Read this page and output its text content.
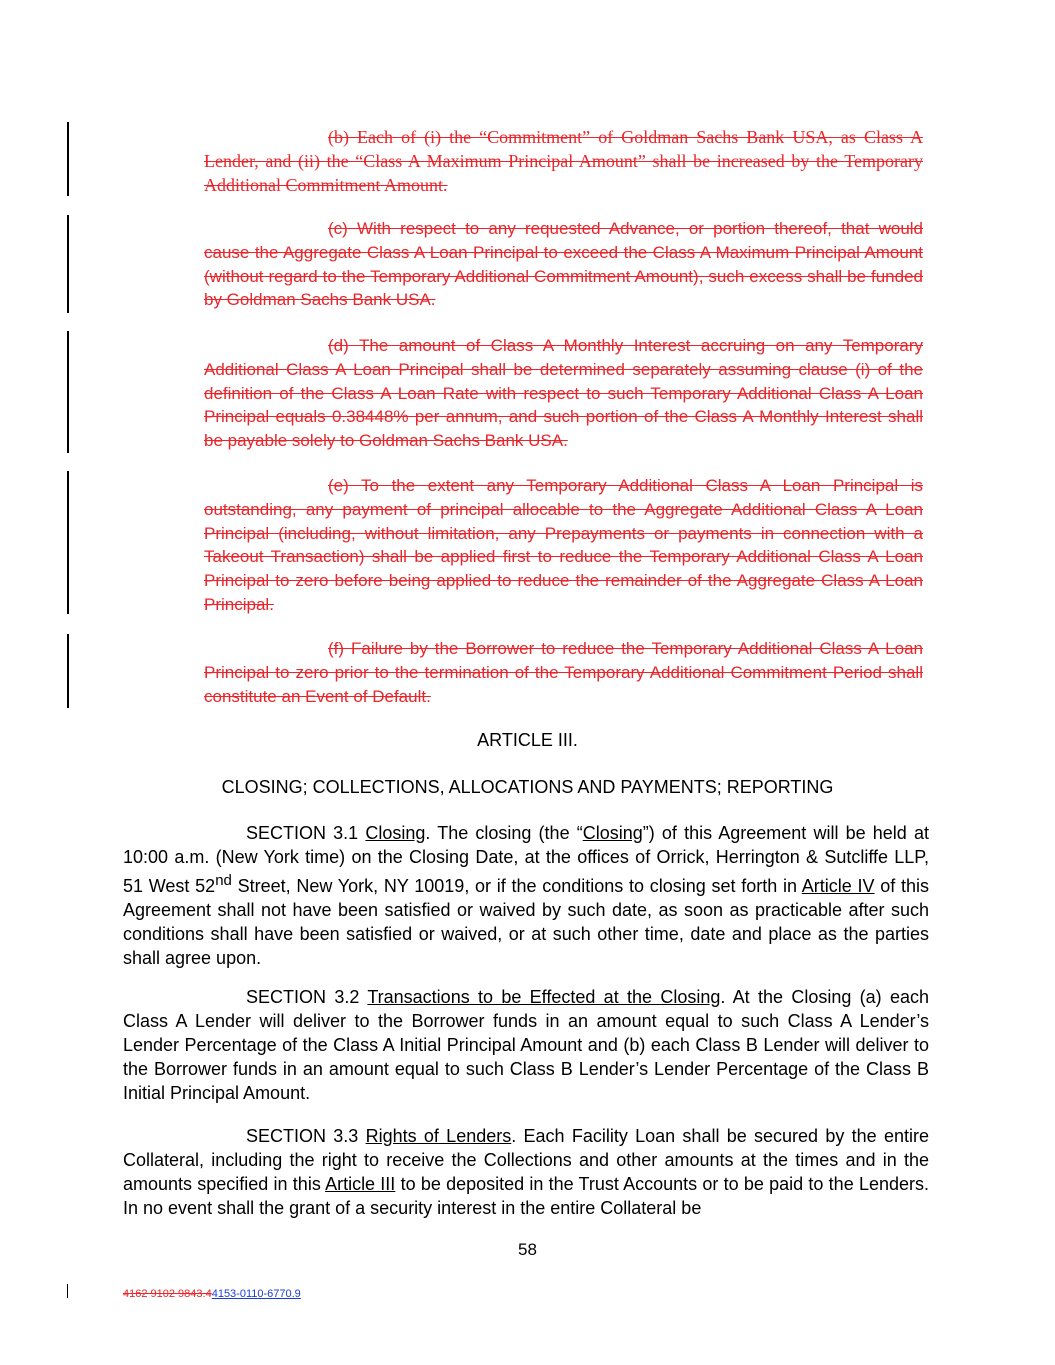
(b) Each of (i) the “Commitment” of Goldman Sachs Bank USA, as Class A Lender, and (ii) the “Class A Maximum Principal Amount” shall be increased by the Temporary Additional Commitment Amount.
(c) With respect to any requested Advance, or portion thereof, that would cause the Aggregate Class A Loan Principal to exceed the Class A Maximum Principal Amount (without regard to the Temporary Additional Commitment Amount), such excess shall be funded by Goldman Sachs Bank USA.
(d) The amount of Class A Monthly Interest accruing on any Temporary Additional Class A Loan Principal shall be determined separately assuming clause (i) of the definition of the Class A Loan Rate with respect to such Temporary Additional Class A Loan Principal equals 0.38448% per annum, and such portion of the Class A Monthly Interest shall be payable solely to Goldman Sachs Bank USA.
(e) To the extent any Temporary Additional Class A Loan Principal is outstanding, any payment of principal allocable to the Aggregate Additional Class A Loan Principal (including, without limitation, any Prepayments or payments in connection with a Takeout Transaction) shall be applied first to reduce the Temporary Additional Class A Loan Principal to zero before being applied to reduce the remainder of the Aggregate Class A Loan Principal.
(f) Failure by the Borrower to reduce the Temporary Additional Class A Loan Principal to zero prior to the termination of the Temporary Additional Commitment Period shall constitute an Event of Default.
ARTICLE III.
CLOSING; COLLECTIONS, ALLOCATIONS AND PAYMENTS; REPORTING
SECTION 3.1 Closing. The closing (the “Closing”) of this Agreement will be held at 10:00 a.m. (New York time) on the Closing Date, at the offices of Orrick, Herrington & Sutcliffe LLP, 51 West 52nd Street, New York, NY 10019, or if the conditions to closing set forth in Article IV of this Agreement shall not have been satisfied or waived by such date, as soon as practicable after such conditions shall have been satisfied or waived, or at such other time, date and place as the parties shall agree upon.
SECTION 3.2 Transactions to be Effected at the Closing. At the Closing (a) each Class A Lender will deliver to the Borrower funds in an amount equal to such Class A Lender’s Lender Percentage of the Class A Initial Principal Amount and (b) each Class B Lender will deliver to the Borrower funds in an amount equal to such Class B Lender’s Lender Percentage of the Class B Initial Principal Amount.
SECTION 3.3 Rights of Lenders. Each Facility Loan shall be secured by the entire Collateral, including the right to receive the Collections and other amounts at the times and in the amounts specified in this Article III to be deposited in the Trust Accounts or to be paid to the Lenders. In no event shall the grant of a security interest in the entire Collateral be
58
4162 9102 9843.44153-0110-6770.9
